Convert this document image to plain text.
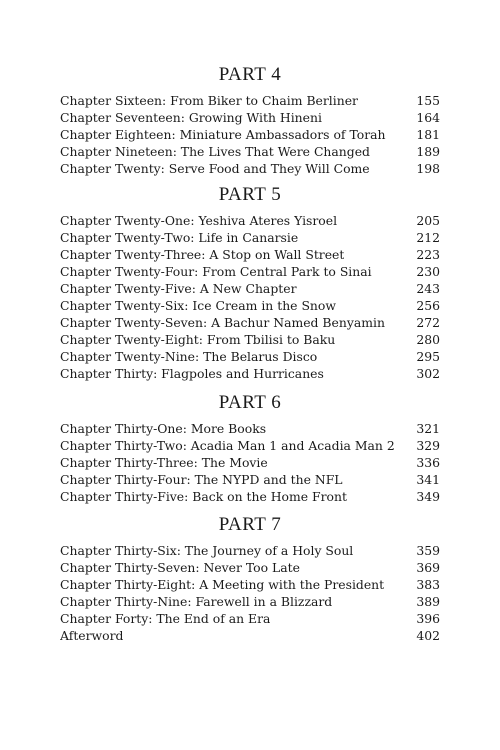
PART 4
Chapter Sixteen: From Biker to Chaim Berliner	155
Chapter Seventeen: Growing With Hineni	164
Chapter Eighteen: Miniature Ambassadors of Torah	181
Chapter Nineteen: The Lives That Were Changed	189
Chapter Twenty: Serve Food and They Will Come	198
PART 5
Chapter Twenty-One: Yeshiva Ateres Yisroel	205
Chapter Twenty-Two: Life in Canarsie	212
Chapter Twenty-Three: A Stop on Wall Street	223
Chapter Twenty-Four: From Central Park to Sinai	230
Chapter Twenty-Five: A New Chapter	243
Chapter Twenty-Six: Ice Cream in the Snow	256
Chapter Twenty-Seven: A Bachur Named Benyamin	272
Chapter Twenty-Eight: From Tbilisi to Baku	280
Chapter Twenty-Nine: The Belarus Disco	295
Chapter Thirty: Flagpoles and Hurricanes	302
PART 6
Chapter Thirty-One: More Books	321
Chapter Thirty-Two: Acadia Man 1 and Acadia Man 2	329
Chapter Thirty-Three: The Movie	336
Chapter Thirty-Four: The NYPD and the NFL	341
Chapter Thirty-Five: Back on the Home Front	349
PART 7
Chapter Thirty-Six: The Journey of a Holy Soul	359
Chapter Thirty-Seven: Never Too Late	369
Chapter Thirty-Eight: A Meeting with the President	383
Chapter Thirty-Nine: Farewell in a Blizzard	389
Chapter Forty: The End of an Era	396
Afterword	402
